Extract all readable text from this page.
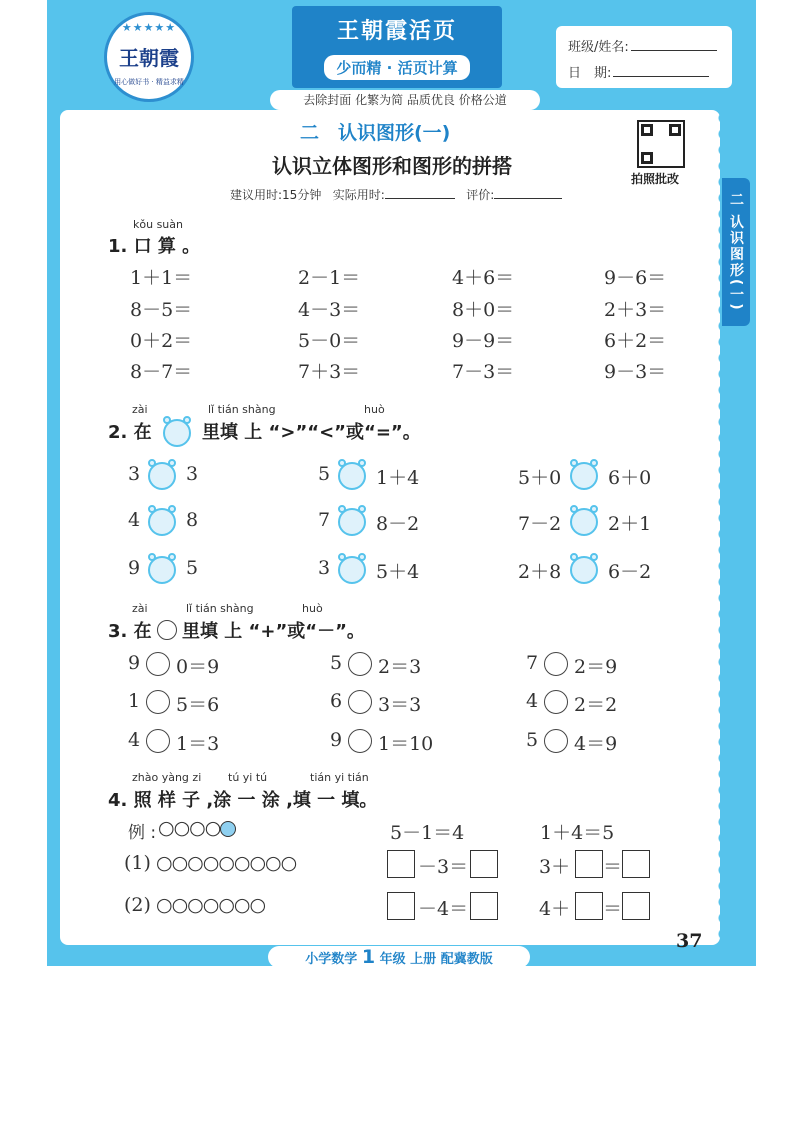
★★★★★
王朝霞
用心做好书 · 精益求精
王朝霞活页
少而精 · 活页计算
班级/姓名:
日　期:
去除封面 化繁为简 品质优良 价格公道
二　认识图形(一)
认识立体图形和图形的拼搭
建议用时:15分钟 实际用时:	评价:
拍照批改
二 认识图形(一)
kǒu suàn
1. 口 算 。
1＋1＝	2－1＝	4＋6＝	9－6＝
8－5＝	4－3＝	8＋0＝	2＋3＝
0＋2＝	5－0＝	9－9＝	6＋2＝
8－7＝	7＋3＝	7－3＝	9－3＝
zài	lǐ tián shàng	huò
2. 在	里填 上 “>”“<”或“=”。
3 3	5 1＋4	5＋0 6＋0
4 8	7 8－2	7－2 2＋1
9 5	3 5＋4	2＋8 6－2
zài	lǐ tián shàng	huò
3. 在 里填 上 “+”或“－”。
9 0＝9	5 2＝3	7 2＝9
1 5＝6	6 3＝3	4 2＝2
4 1＝3	9 1＝10	5 4＝9
zhào yàng zi tú yi tú	tián yi tián
4. 照 样 子 ,涂 一 涂 ,填 一 填。
例 : ○○○○	5－1＝4	1＋4＝5
(1) ○○○○○○○○○	－3＝	3＋ ＝
(2) ○○○○○○○	－4＝	4＋ ＝
37
小学数学 1 年级 上册 配冀教版
